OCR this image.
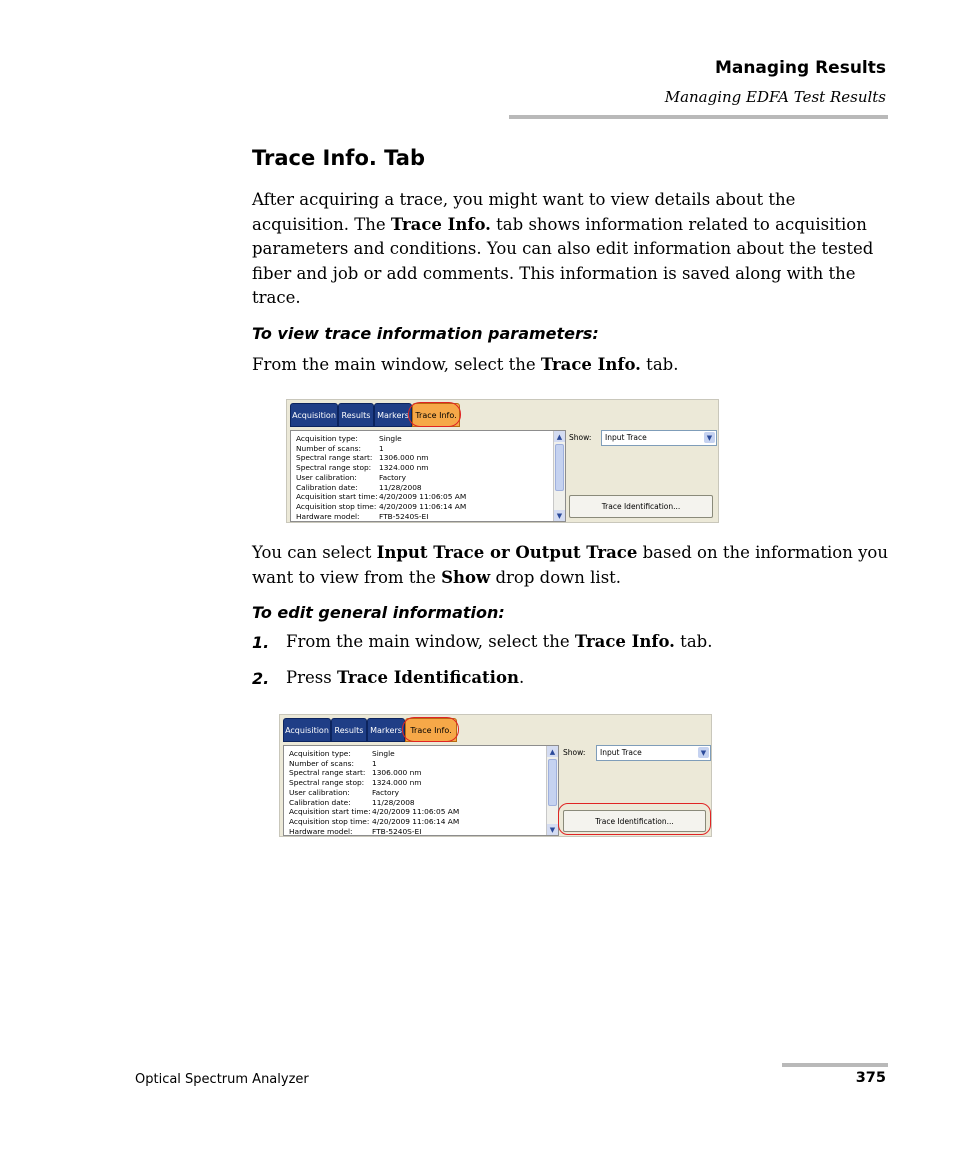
Managing Results
Managing EDFA Test Results
Trace Info. Tab
After acquiring a trace, you might want to view details about the acquisition. The Trace Info. tab shows information related to acquisition parameters and conditions. You can also edit information about the tested fiber and job or add comments. This information is saved along with the trace.
To view trace information parameters:
From the main window, select the Trace Info. tab.
Acquisition Results Markers Trace Info.
Acquisition type:	Single
Number of scans: 1
Spectral range start: 1306.000 nm
Spectral range stop: 1324.000 nm
User calibration:	Factory
Calibration date:	11/28/2008
Acquisition start time: 4/20/2009 11:06:05 AM
Acquisition stop time: 4/20/2009 11:06:14 AM
Hardware model:	FTB-5240S-EI
▲
▼
Show: Input Trace	▼
Trace Identification...
You can select Input Trace or Output Trace based on the information you want to view from the Show drop down list.
To edit general information:
1. From the main window, select the Trace Info. tab.
2. Press Trace Identification.
Acquisition Results Markers	Trace Info.
Acquisition type:	Single
Number of scans: 1
Spectral range start: 1306.000 nm
Spectral range stop: 1324.000 nm
User calibration:	Factory
Calibration date:	11/28/2008
Acquisition start time: 4/20/2009 11:06:05 AM
Acquisition stop time: 4/20/2009 11:06:14 AM
Hardware model:	FTB-5240S-EI
▲
▼
Show: Input Trace	▼
Trace Identification...
Optical Spectrum Analyzer	375
